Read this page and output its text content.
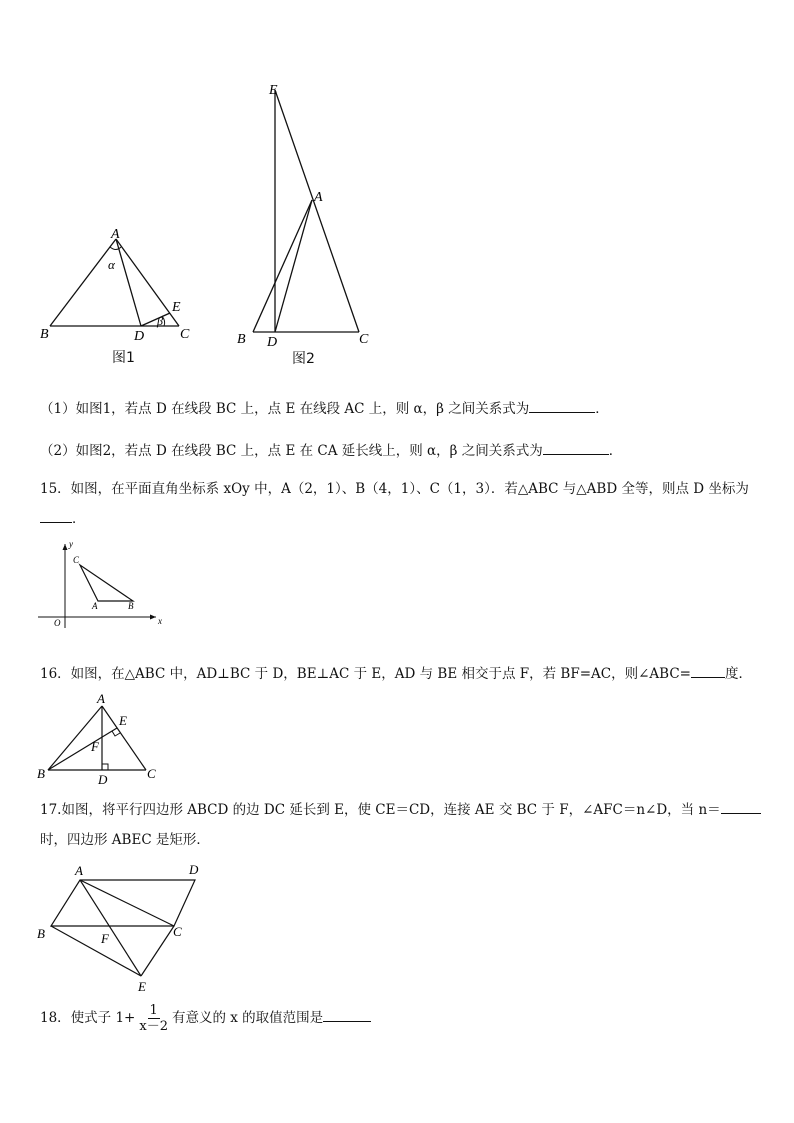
A
B	C
D
E
α
β
图1
E
A
B D	C
图2
（1）如图1，若点 D 在线段 BC 上，点 E 在线段 AC 上，则 α，β 之间关系式为	．
（2）如图2，若点 D 在线段 BC 上，点 E 在 CA 延长线上，则 α，β 之间关系式为	．
15．如图，在平面直角坐标系 xOy 中，A（2，1）、B（4，1）、C（1，3）．若△ABC 与△ABD 全等，则点 D 坐标为
．
x
y
O
C
A	B
16．如图，在△ABC 中，AD⊥BC 于 D，BE⊥AC 于 E，AD 与 BE 相交于点 F，若 BF=AC，则∠ABC=	度．
A
E
F
B	D	C
17.如图，将平行四边形 ABCD 的边 DC 延长到 E，使 CE＝CD，连接 AE 交 BC 于 F，∠AFC＝n∠D，当 n＝
时，四边形 ABEC 是矩形．
A	D
B	C
F
E
18．使式子 $1+ \frac{1}{x-2}$ 有意义的 x 的取值范围是
